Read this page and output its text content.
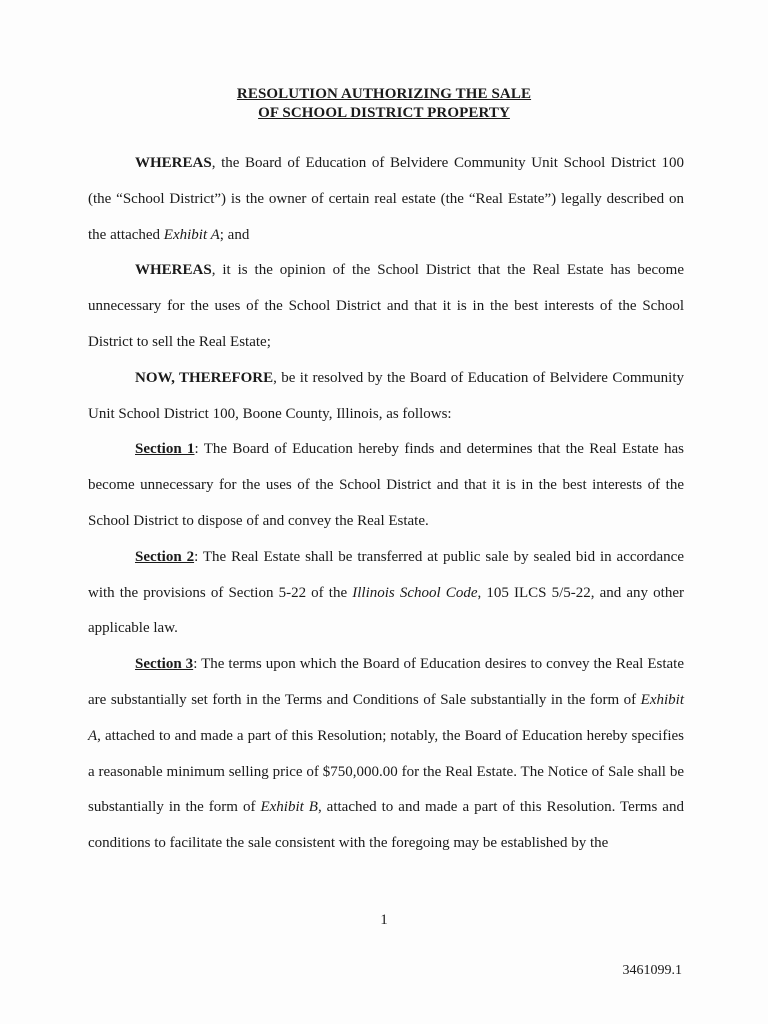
RESOLUTION AUTHORIZING THE SALE
OF SCHOOL DISTRICT PROPERTY

WHEREAS, the Board of Education of Belvidere Community Unit School District 100 (the “School District”) is the owner of certain real estate (the “Real Estate”) legally described on the attached Exhibit A; and

WHEREAS, it is the opinion of the School District that the Real Estate has become unnecessary for the uses of the School District and that it is in the best interests of the School District to sell the Real Estate;

NOW, THEREFORE, be it resolved by the Board of Education of Belvidere Community Unit School District 100, Boone County, Illinois, as follows:

Section 1: The Board of Education hereby finds and determines that the Real Estate has become unnecessary for the uses of the School District and that it is in the best interests of the School District to dispose of and convey the Real Estate.

Section 2: The Real Estate shall be transferred at public sale by sealed bid in accordance with the provisions of Section 5-22 of the Illinois School Code, 105 ILCS 5/5-22, and any other applicable law.

Section 3: The terms upon which the Board of Education desires to convey the Real Estate are substantially set forth in the Terms and Conditions of Sale substantially in the form of Exhibit A, attached to and made a part of this Resolution; notably, the Board of Education hereby specifies a reasonable minimum selling price of $750,000.00 for the Real Estate. The Notice of Sale shall be substantially in the form of Exhibit B, attached to and made a part of this Resolution. Terms and conditions to facilitate the sale consistent with the foregoing may be established by the

1
3461099.1
